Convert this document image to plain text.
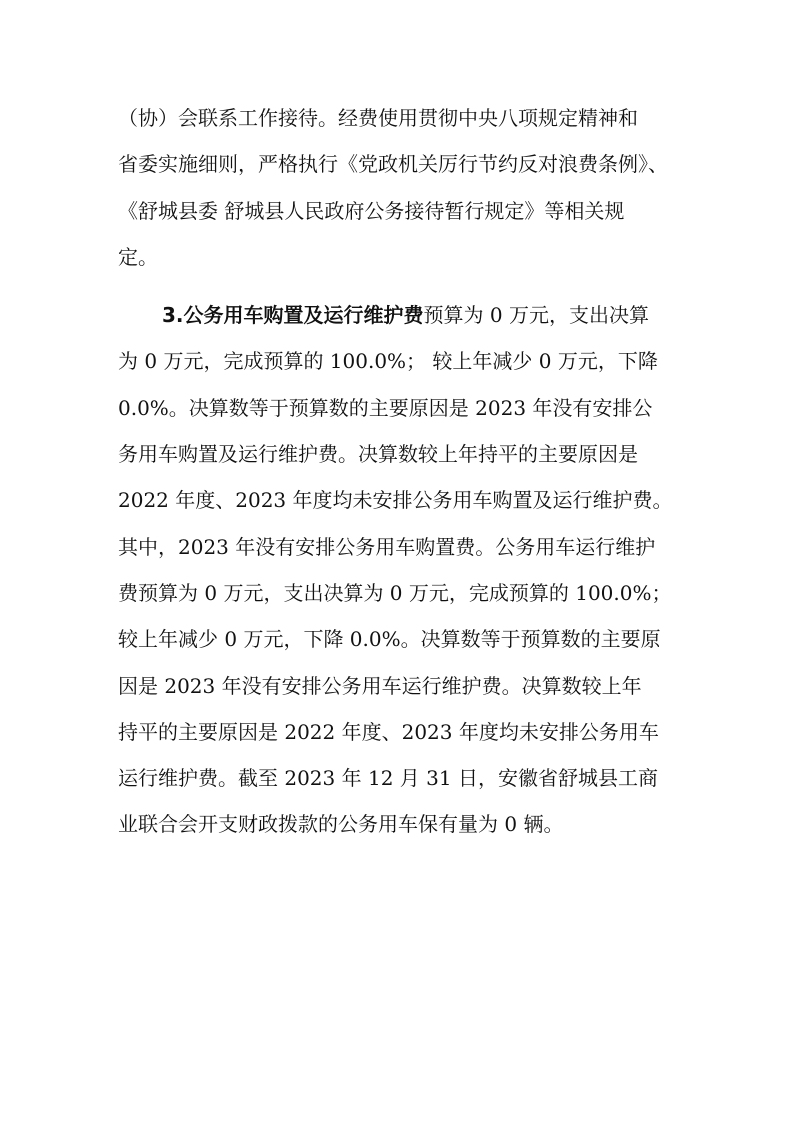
（协）会联系工作接待。经费使用贯彻中央八项规定精神和
省委实施细则，严格执行《党政机关厉行节约反对浪费条例》、
《舒城县委 舒城县人民政府公务接待暂行规定》等相关规
定。
3.公务用车购置及运行维护费预算为 0 万元，支出决算
为 0 万元，完成预算的 100.0%； 较上年减少 0 万元，下降
0.0%。决算数等于预算数的主要原因是 2023 年没有安排公
务用车购置及运行维护费。决算数较上年持平的主要原因是
2022 年度、2023 年度均未安排公务用车购置及运行维护费。
其中，2023 年没有安排公务用车购置费。公务用车运行维护
费预算为 0 万元，支出决算为 0 万元，完成预算的 100.0%；
较上年减少 0 万元，下降 0.0%。决算数等于预算数的主要原
因是 2023 年没有安排公务用车运行维护费。决算数较上年
持平的主要原因是 2022 年度、2023 年度均未安排公务用车
运行维护费。截至 2023 年 12 月 31 日，安徽省舒城县工商
业联合会开支财政拨款的公务用车保有量为 0 辆。
